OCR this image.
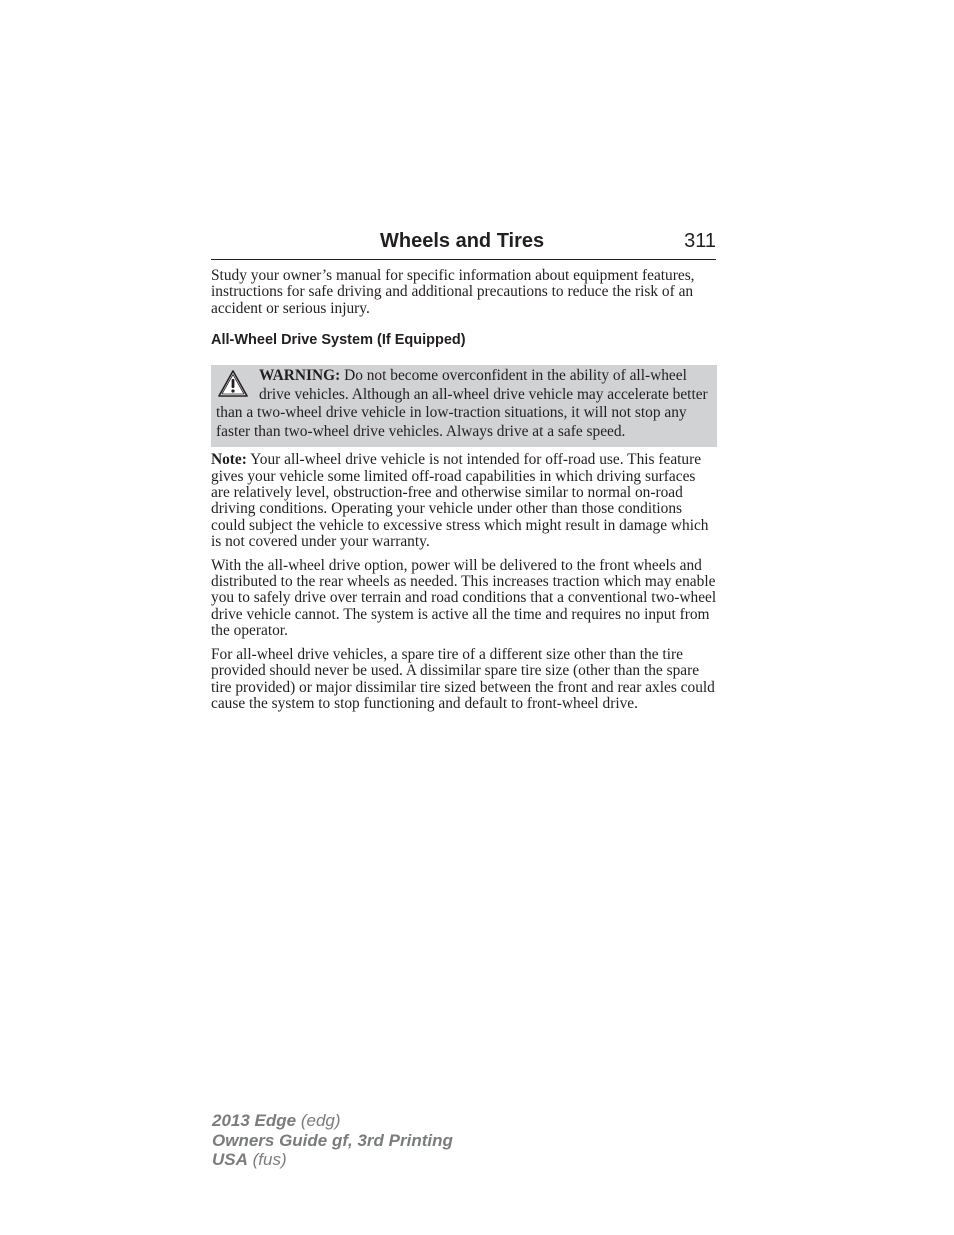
Wheels and Tires	311

Study your owner’s manual for specific information about equipment features, instructions for safe driving and additional precautions to reduce the risk of an accident or serious injury.

All-Wheel Drive System (If Equipped)
WARNING: Do not become overconfident in the ability of all-wheel drive vehicles. Although an all-wheel drive vehicle may accelerate better than a two-wheel drive vehicle in low-traction situations, it will not stop any faster than two-wheel drive vehicles. Always drive at a safe speed.

Note: Your all-wheel drive vehicle is not intended for off-road use. This feature gives your vehicle some limited off-road capabilities in which driving surfaces are relatively level, obstruction-free and otherwise similar to normal on-road driving conditions. Operating your vehicle under other than those conditions could subject the vehicle to excessive stress which might result in damage which is not covered under your warranty.

With the all-wheel drive option, power will be delivered to the front wheels and distributed to the rear wheels as needed. This increases traction which may enable you to safely drive over terrain and road conditions that a conventional two-wheel drive vehicle cannot. The system is active all the time and requires no input from the operator.

For all-wheel drive vehicles, a spare tire of a different size other than the tire provided should never be used. A dissimilar spare tire size (other than the spare tire provided) or major dissimilar tire sized between the front and rear axles could cause the system to stop functioning and default to front-wheel drive.

2013 Edge (edg)
Owners Guide gf, 3rd Printing
USA (fus)
